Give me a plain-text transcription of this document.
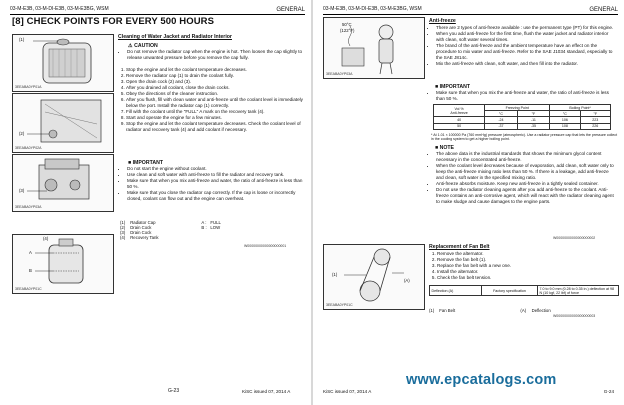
03-M-E3B, 03-M-DI-E3B, 03-M-E3BG, WSM	GENERAL
[8] CHECK POINTS FOR EVERY 500 HOURS
(1)
3EEABA0YP01A
(2)
3EEABA0YP02A
(3)
3EEABA0YP03A
(4)
A
B
3EEABA0YP01C
Cleaning of Water Jacket and Radiator Interior
⚠ CAUTION
• Do not remove the radiator cap when the engine is hot. Then loosen the cap slightly to release unwanted pressure before you remove the cap fully.
1. Stop the engine and let the coolant temperature decreases.
2. Remove the radiator cap (1) to drain the coolant fully.
3. Open the drain cock (2) and (3).
4. After you drained all coolant, close the drain cocks.
5. Obey the directions of the cleaner instruction.
6. After you flush, fill with clean water and anti-freeze until the coolant level is immediately below the port. Install the radiator cap (1) correctly.
7. Fill with the coolant until the "FULL" A mark on the recovery tank (4).
8. Start and operate the engine for a few minutes.
9. Stop the engine and let the coolant temperature decreases. Check the coolant level of radiator and recovery tank (4) and add coolant if necessary.
■ IMPORTANT
• Do not start the engine without coolant.
• Use clean and soft water with anti-freeze to fill the radiator and recovery tank.
• Make sure that when you mix anti-freeze and water, the ratio of anti-freeze is less than 50 %.
• Make sure that you close the radiator cap correctly. If the cap is loose or incorrectly closed, coolant can flow out and the engine can overheat.
(1) Radiator Cap	A : FULL
(2) Drain Cock	B : LOW
(3) Drain Cock
(4) Recovery Tank
W00000000000000000001
G-23	KiSC issued 07, 2014 A
03-M-E3B, 03-M-DI-E3B, 03-M-E3BG, WSM	GENERAL
50°C
(122°F)
3EEABA0YP03A
Anti-freeze
• There are 2 types of anti-freeze available : use the permanent type (PT) for this engine.
• When you add anti-freeze for the first time, flush the water jacket and radiator interior with clean, soft water several times.
• The brand of the anti-freeze and the ambient temperature have an effect on the procedure to mix water and anti-freeze. Refer to the SAE J1034 standard, especially to the SAE J814c.
• Mix the anti-freeze with clean, soft water, and then fill into the radiator.
■ IMPORTANT
• Make sure that when you mix the anti-freeze and water, the ratio of anti-freeze is less than 50 %.
Vol %
Anti-freeze	Freezing Point		Boiling Point*	
	°C	°F	°C	°F
40	-24	-11	106	223
50	-37	-35	108	226
* At 1.01 × 100000 Pa (760 mmHg) pressure (atmospheric). Use a radiator pressure cap that lets the pressure collect in the cooling system to get a higher boiling point.
■ NOTE
• The above data is the industrial standards that shows the minimum glycol content necessary in the concentrated anti-freeze.
• When the coolant level decreases because of evaporation, add clean, soft water only to keep the anti-freeze mixing ratio less than 50 %. If there is a leakage, add anti-freeze and clean, soft water in the specified mixing ratio.
• Anti-freeze absorbs moisture. Keep new anti-freeze in a tightly sealed container.
• Do not use the radiator cleaning agents after you add anti-freeze to the coolant. Anti-freeze contains an anti-corrosive agent, which will react with the radiator cleaning agent to make sludge and cause damages to the engine parts.
W00000000000000000002
(1)
(A)
3EEABA0YP01C
Replacement of Fan Belt
1. Remove the alternator.
2. Remove the fan belt (1).
3. Replace the fan belt with a new one.
4. Install the alternator.
5. Check the fan belt tension.
Deflection (A)	Factory specification	7.0 to 9.0 mm (0.28 to 0.35 in.) deflection at 98 N (10 kgf, 22 lbf) of force
(1) Fan Belt	(A) Deflection
W00000000000000000003
KiSC issued 07, 2014 A	G-24
www.epcatalogs.com
